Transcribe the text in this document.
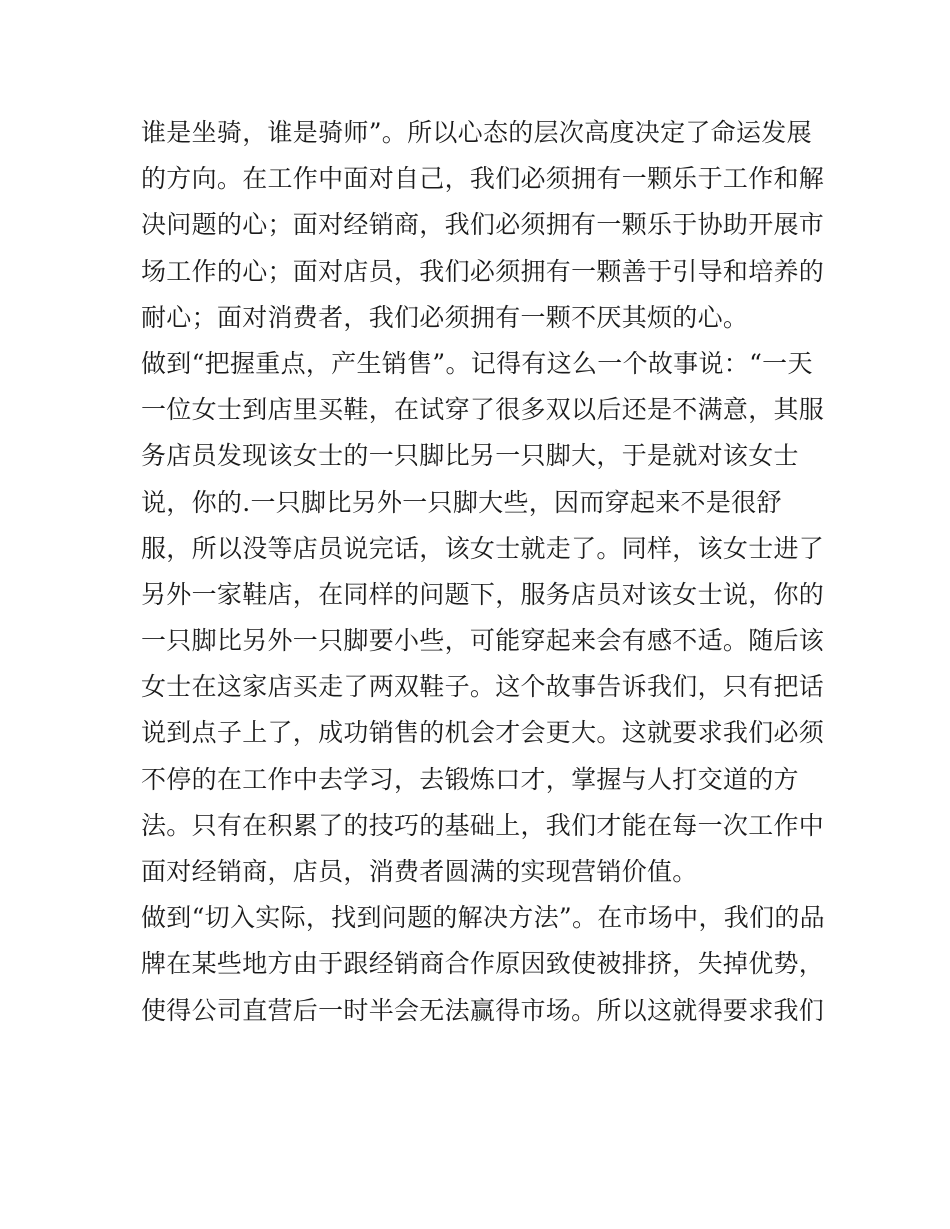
谁是坐骑，谁是骑师”。所以心态的层次高度决定了命运发展
的方向。在工作中面对自己，我们必须拥有一颗乐于工作和解
决问题的心；面对经销商，我们必须拥有一颗乐于协助开展市
场工作的心；面对店员，我们必须拥有一颗善于引导和培养的
耐心；面对消费者，我们必须拥有一颗不厌其烦的心。
做到“把握重点，产生销售”。记得有这么一个故事说：“一天
一位女士到店里买鞋，在试穿了很多双以后还是不满意，其服
务店员发现该女士的一只脚比另一只脚大，于是就对该女士
说，你的.一只脚比另外一只脚大些，因而穿起来不是很舒
服，所以没等店员说完话，该女士就走了。同样，该女士进了
另外一家鞋店，在同样的问题下，服务店员对该女士说，你的
一只脚比另外一只脚要小些，可能穿起来会有感不适。随后该
女士在这家店买走了两双鞋子。这个故事告诉我们，只有把话
说到点子上了，成功销售的机会才会更大。这就要求我们必须
不停的在工作中去学习，去锻炼口才，掌握与人打交道的方
法。只有在积累了的技巧的基础上，我们才能在每一次工作中
面对经销商，店员，消费者圆满的实现营销价值。
做到“切入实际，找到问题的解决方法”。在市场中，我们的品
牌在某些地方由于跟经销商合作原因致使被排挤，失掉优势，
使得公司直营后一时半会无法赢得市场。所以这就得要求我们
